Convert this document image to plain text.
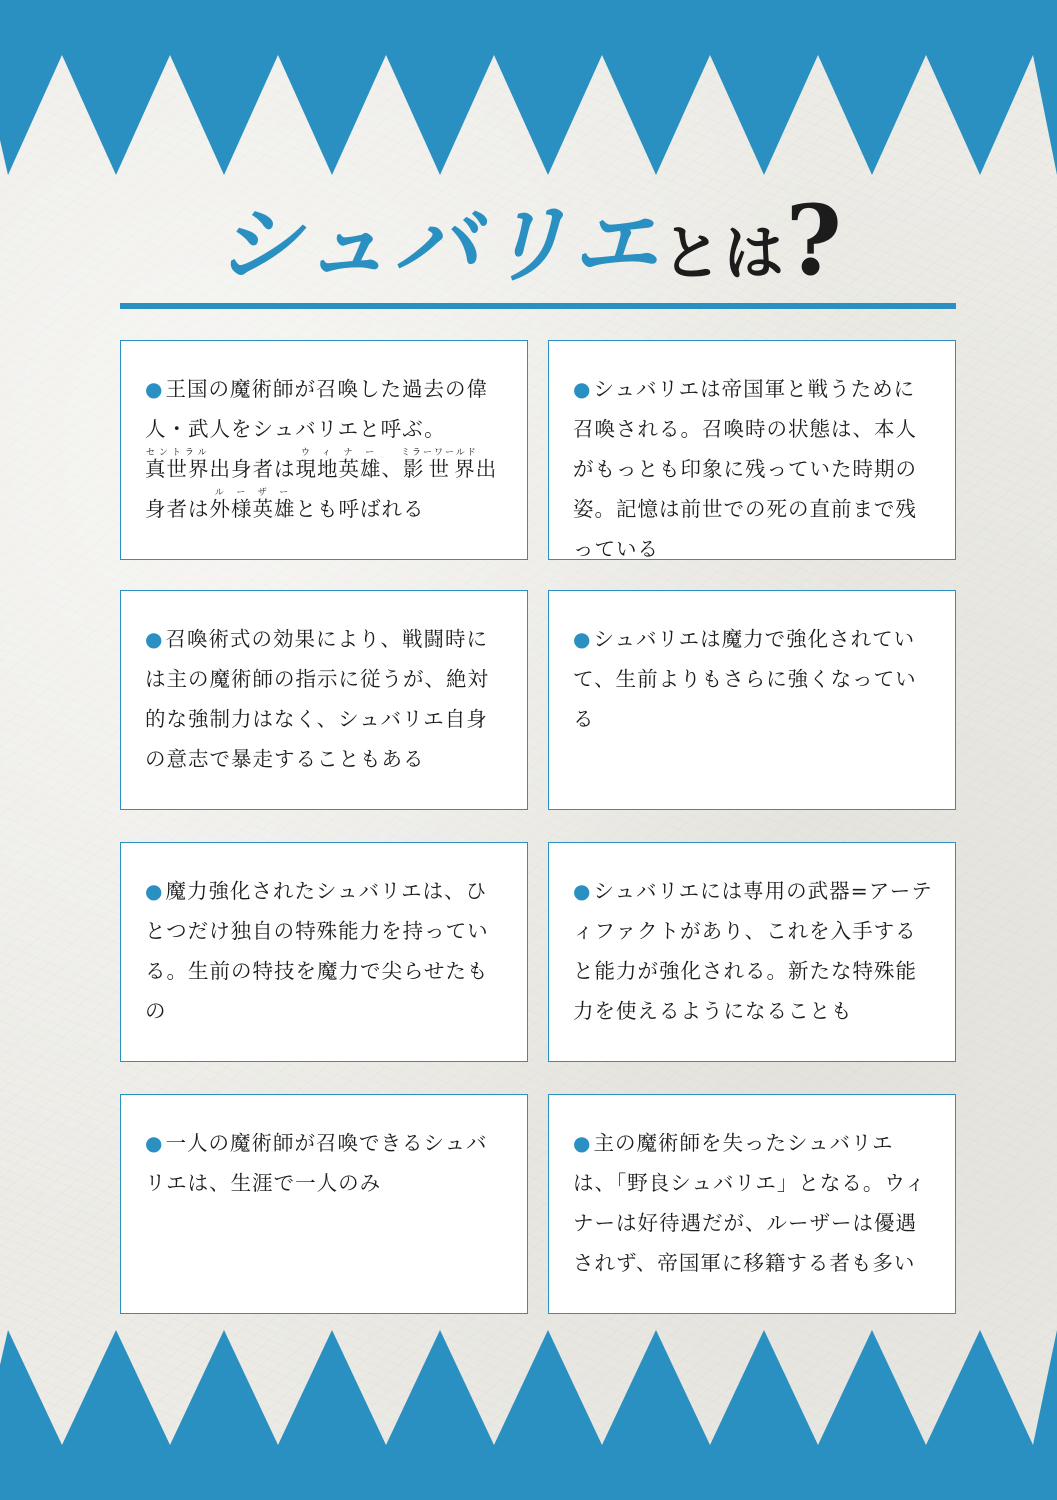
シュバリエとは?
●王国の魔術師が召喚した過去の偉人・武人をシュバリエと呼ぶ。真世界セントラル出身者は現地英雄ウィナー、影世界ミラーワールド出身者は外様英雄ルーザーとも呼ばれる
●シュバリエは帝国軍と戦うために召喚される。召喚時の状態は、本人がもっとも印象に残っていた時期の姿。記憶は前世での死の直前まで残っている
●召喚術式の効果により、戦闘時には主の魔術師の指示に従うが、絶対的な強制力はなく、シュバリエ自身の意志で暴走することもある
●シュバリエは魔力で強化されていて、生前よりもさらに強くなっている
●魔力強化されたシュバリエは、ひとつだけ独自の特殊能力を持っている。生前の特技を魔力で尖らせたもの
●シュバリエには専用の武器=アーティファクトがあり、これを入手すると能力が強化される。新たな特殊能力を使えるようになることも
●一人の魔術師が召喚できるシュバリエは、生涯で一人のみ
●主の魔術師を失ったシュバリエは、「野良シュバリエ」となる。ウィナーは好待遇だが、ルーザーは優遇されず、帝国軍に移籍する者も多い
